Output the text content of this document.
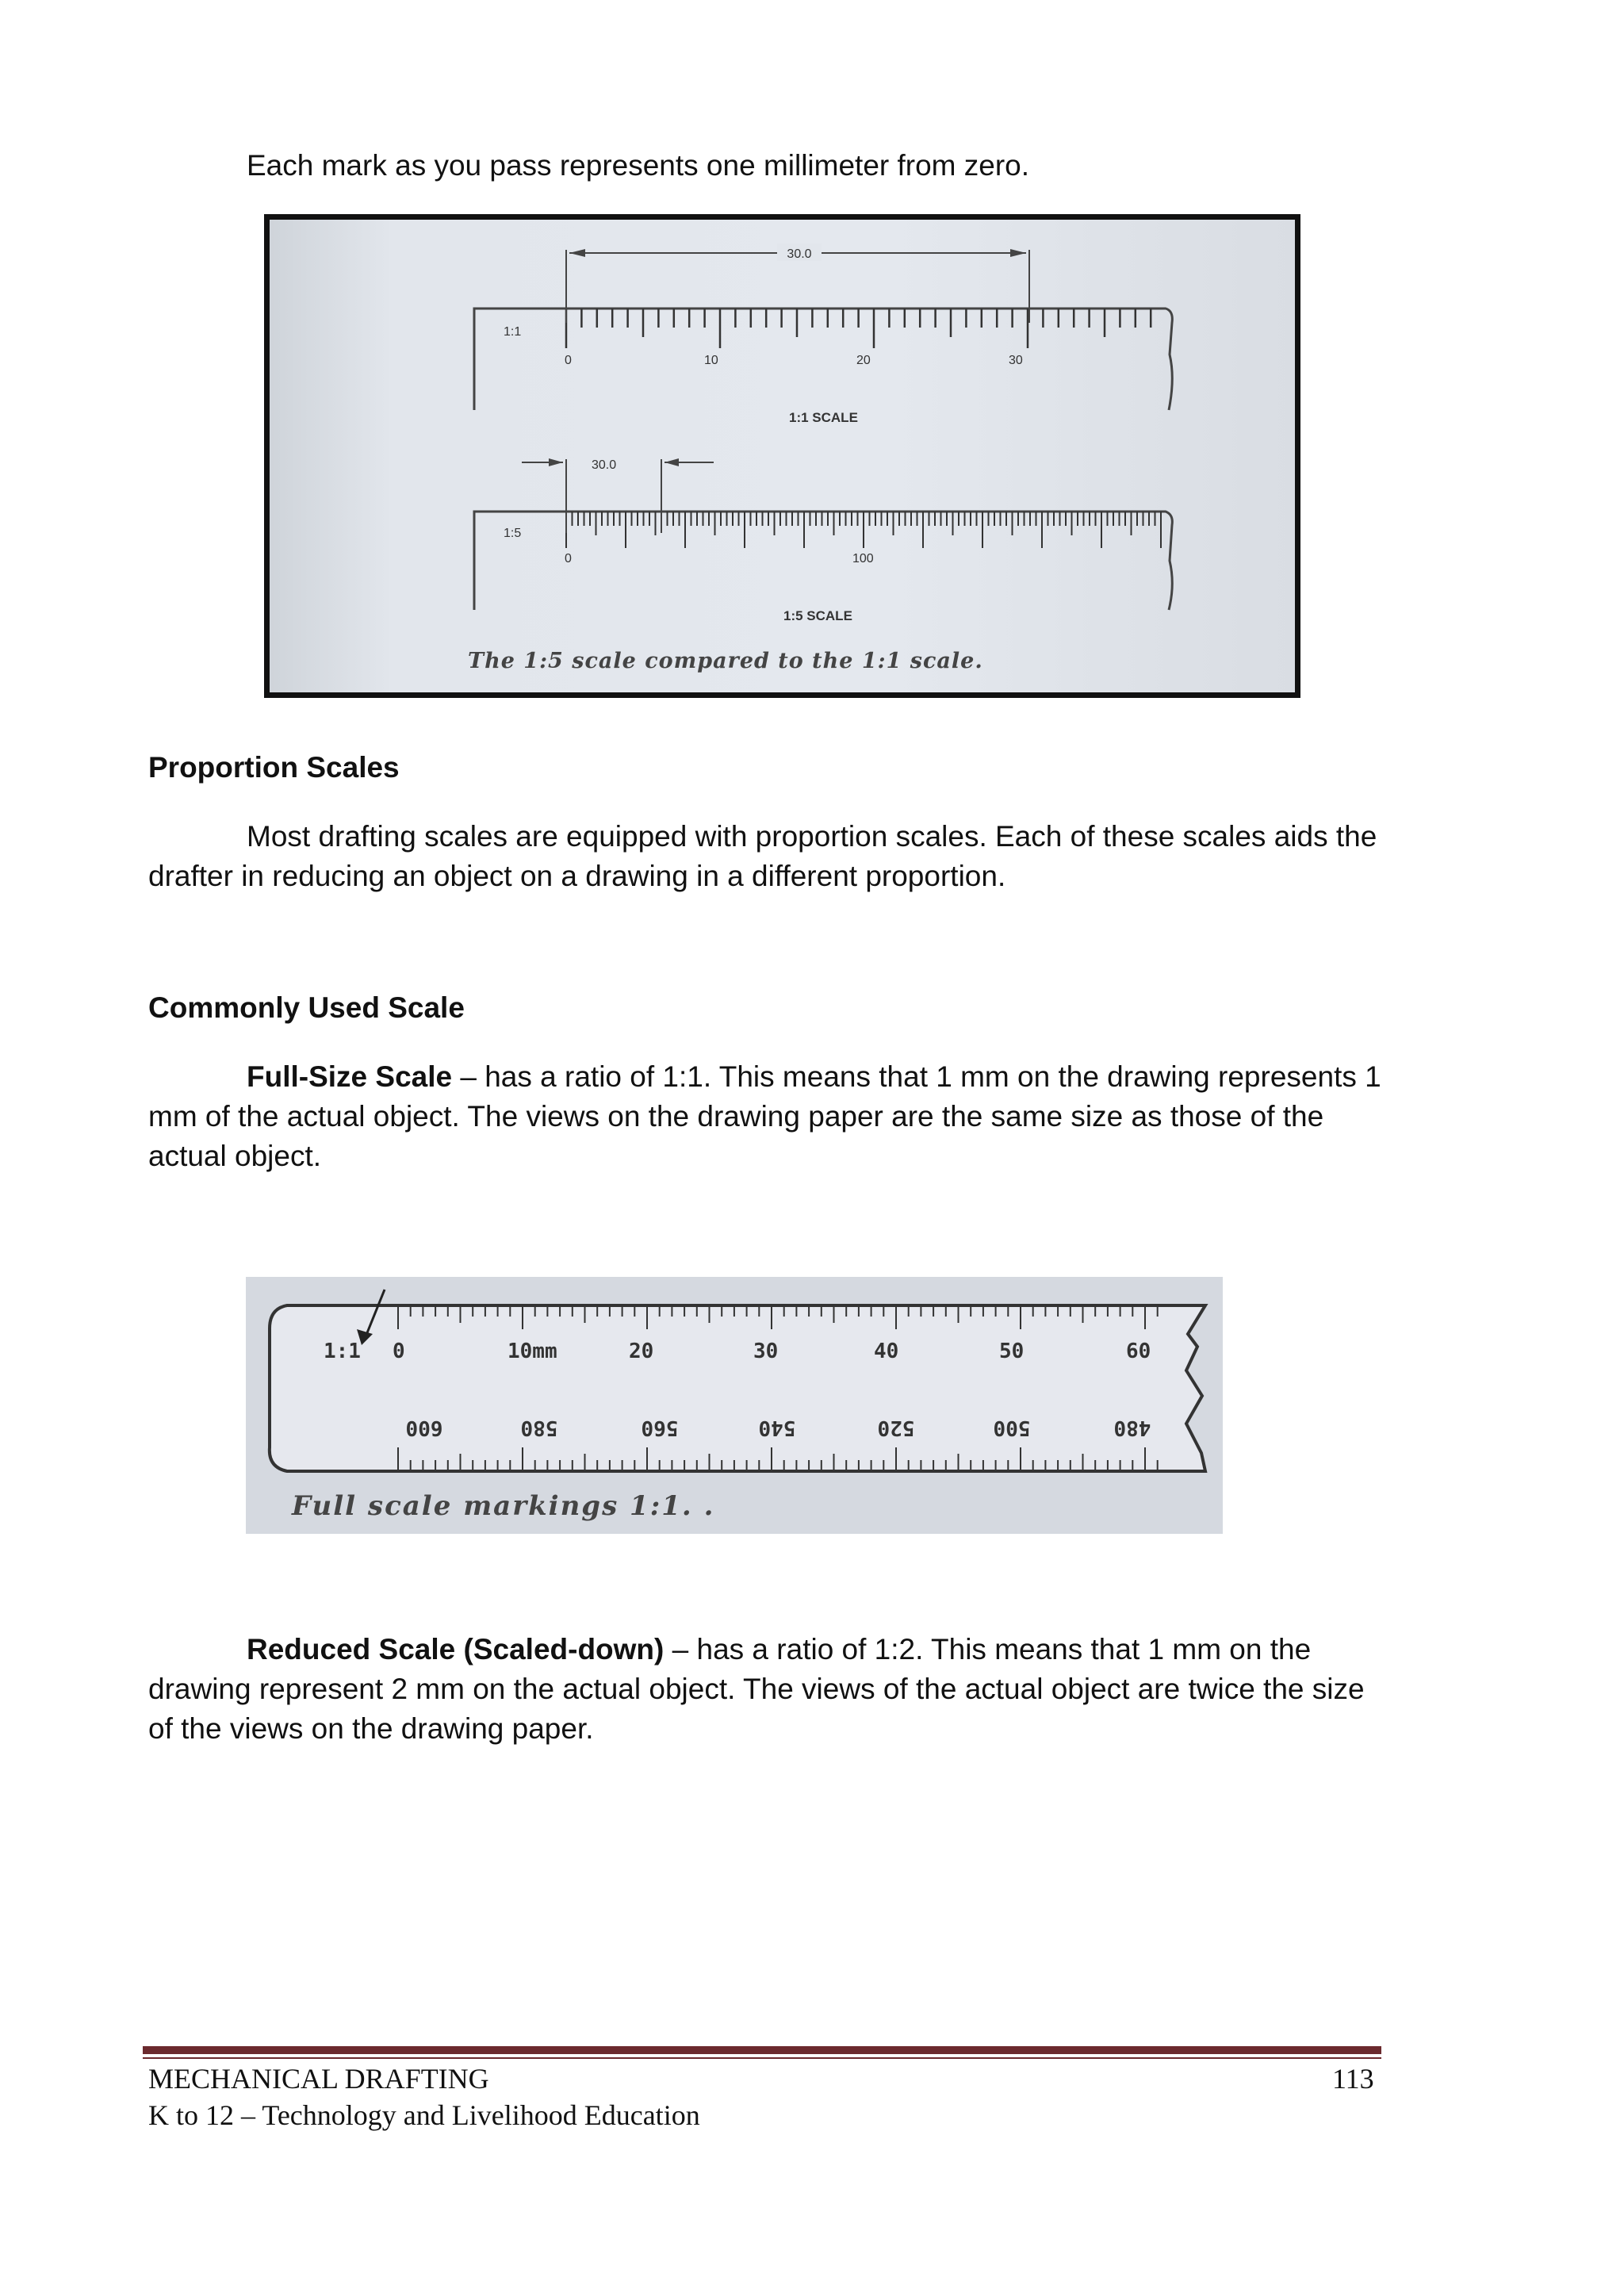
Each mark as you pass represents one millimeter from zero.
30.0
1:1
0	10	20	30
1:1 SCALE
30.0
1:5
0	100
1:5 SCALE
The 1:5 scale compared to the 1:1 scale.
Proportion Scales
Most drafting scales are equipped with proportion scales. Each of these scales aids the drafter in reducing an object on a drawing in a different proportion.
Commonly Used Scale
Full-Size Scale – has a ratio of 1:1. This means that 1 mm on the drawing represents 1 mm of the actual object. The views on the drawing paper are the same size as those of the actual object.
1:1 0	10mm	20	30	40	50	60
600	580	560	540	520	500	480
Full scale markings 1:1. .
Reduced Scale (Scaled-down) – has a ratio of 1:2. This means that 1 mm on the drawing represent 2 mm on the actual object. The views of the actual object are twice the size of the views on the drawing paper.
MECHANICAL DRAFTING
K to 12 – Technology and Livelihood Education
113
